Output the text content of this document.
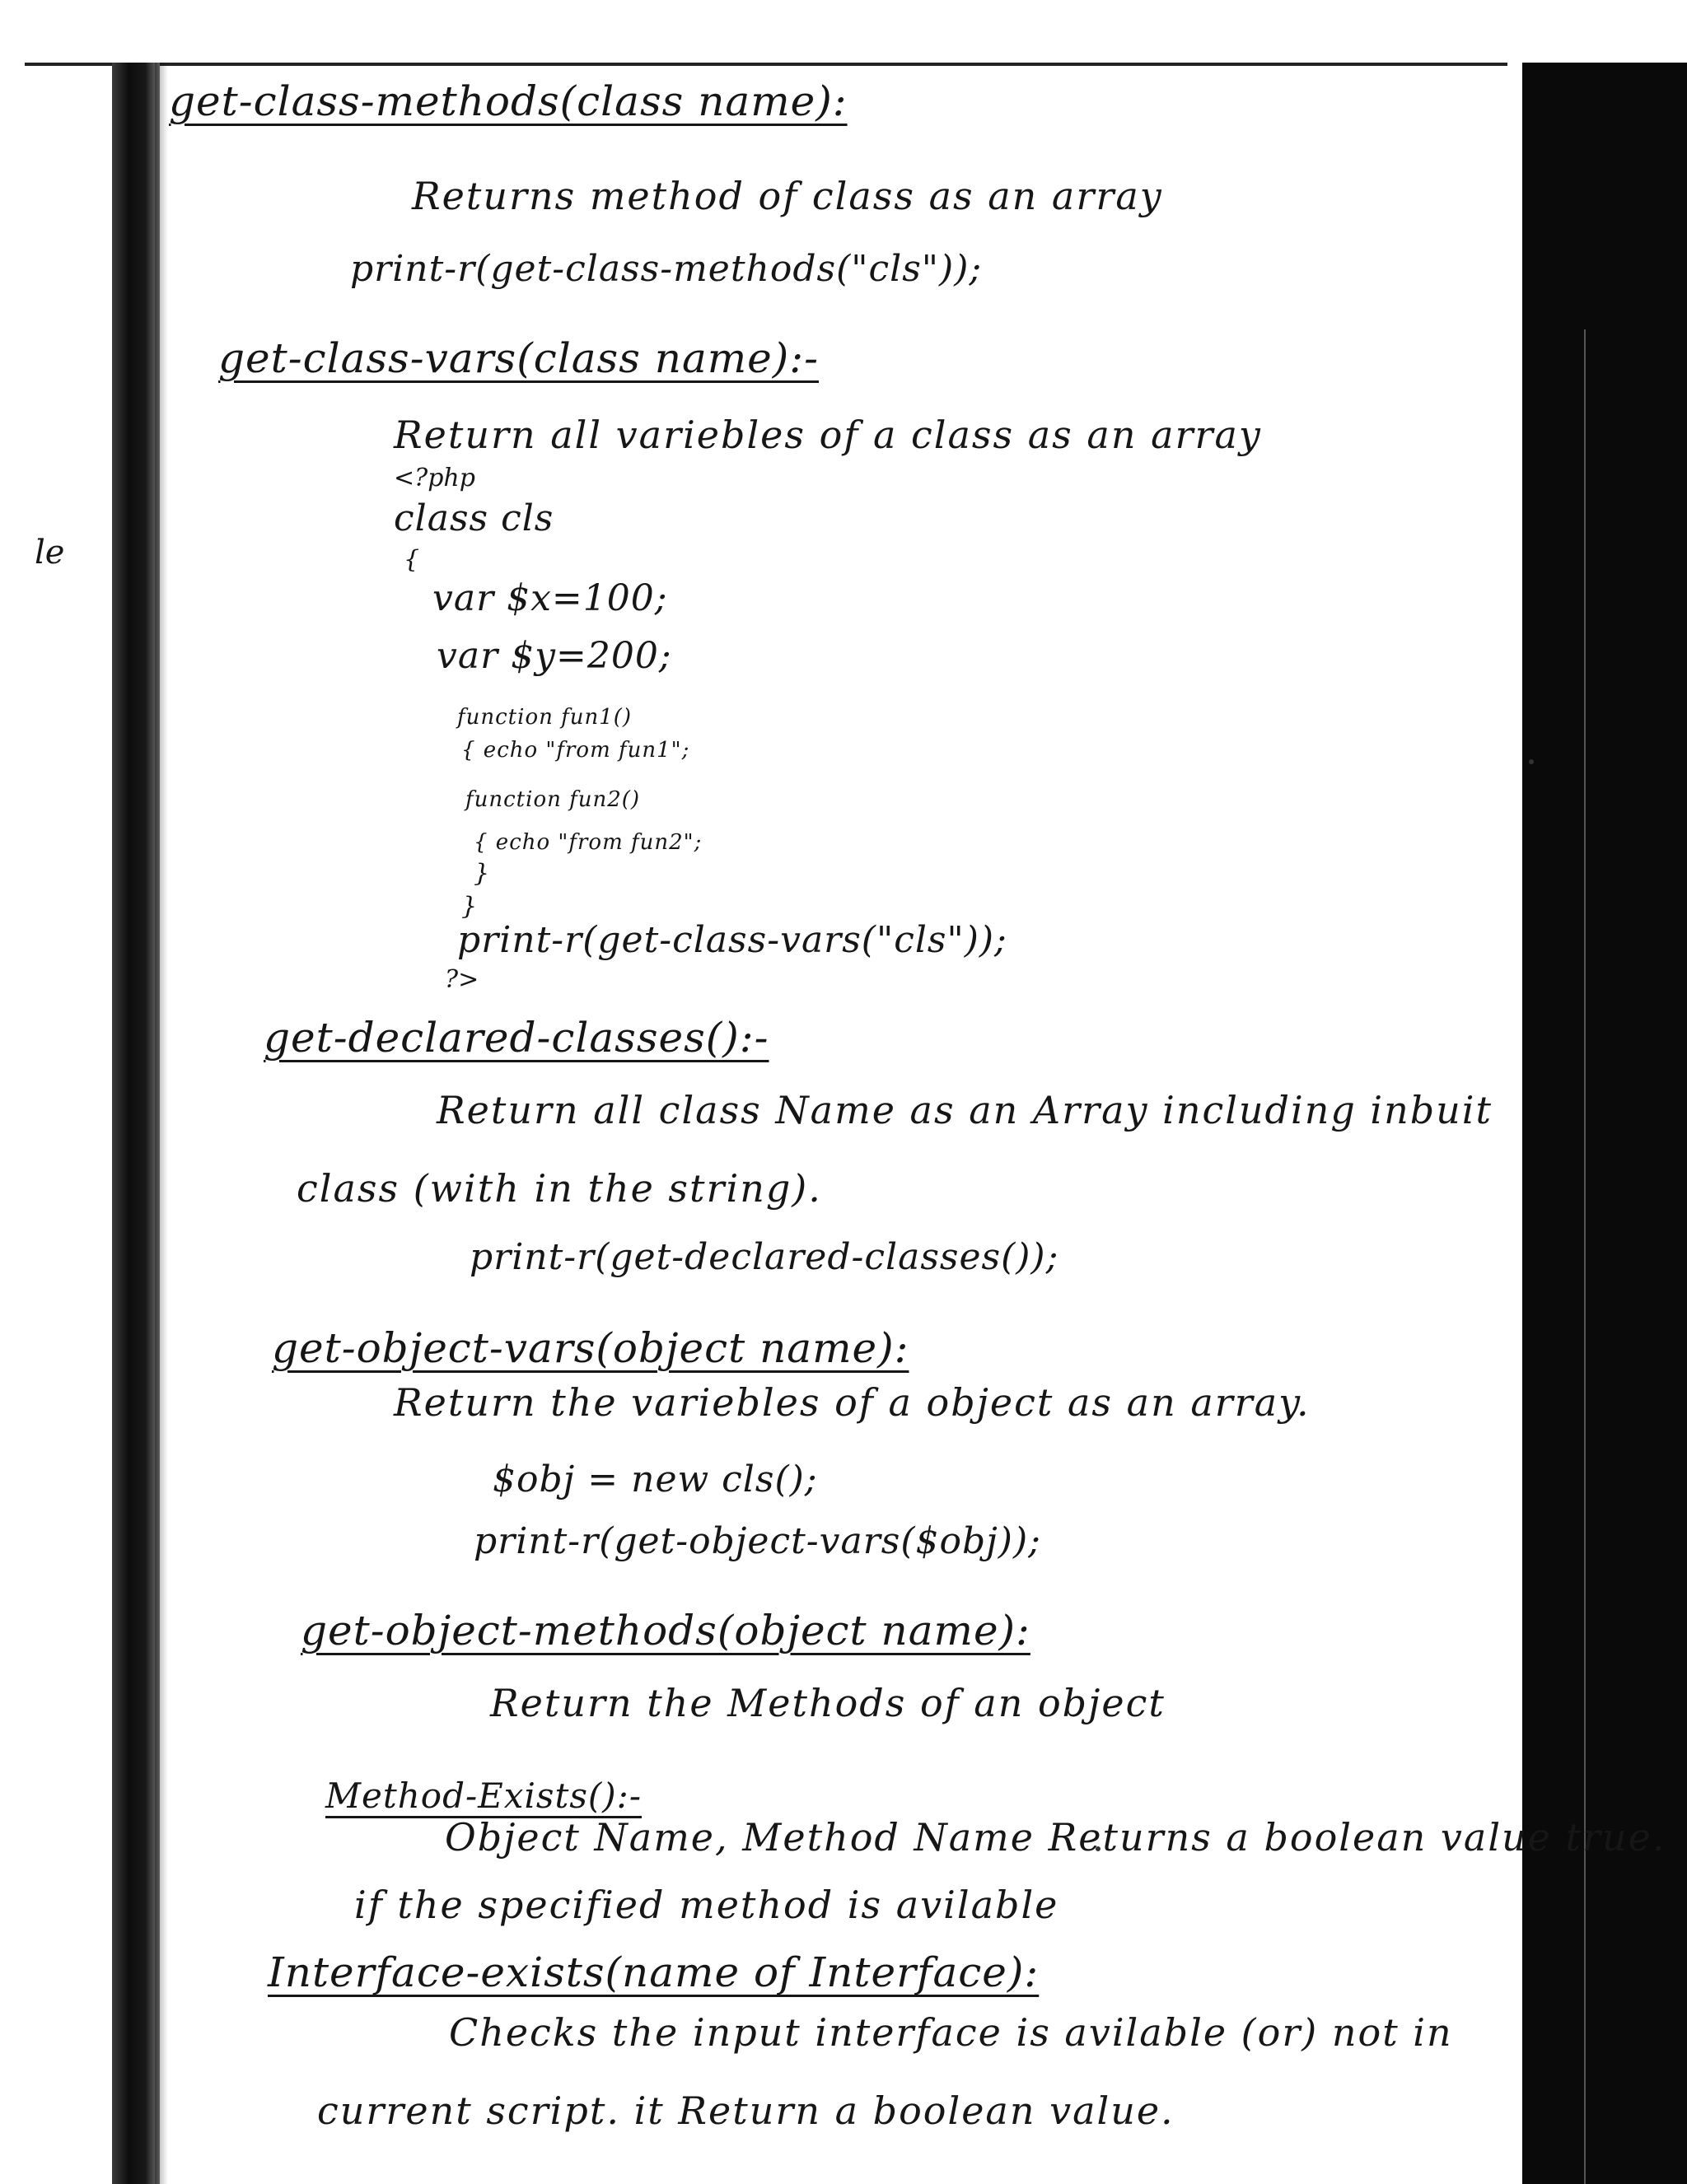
le
get-class-methods(class name):
Returns method of class as an array
print-r(get-class-methods("cls"));
get-class-vars(class name):-
Return all variebles of a class as an array
<?php
class cls
{
var $x=100;
var $y=200;
function fun1()
{ echo "from fun1";
function fun2()
{ echo "from fun2";
}
}
print-r(get-class-vars("cls"));
?>
get-declared-classes():-
Return all class Name as an Array including inbuit
class (with in the string).
print-r(get-declared-classes());
get-object-vars(object name):
Return the variebles of a object as an array.
$obj = new cls();
print-r(get-object-vars($obj));
get-object-methods(object name):
Return the Methods of an object
Method-Exists():-
Object Name, Method Name Returns a boolean value true.
if the specified method is avilable
Interface-exists(name of Interface):
Checks the input interface is avilable (or) not in
current script. it Return a boolean value.
